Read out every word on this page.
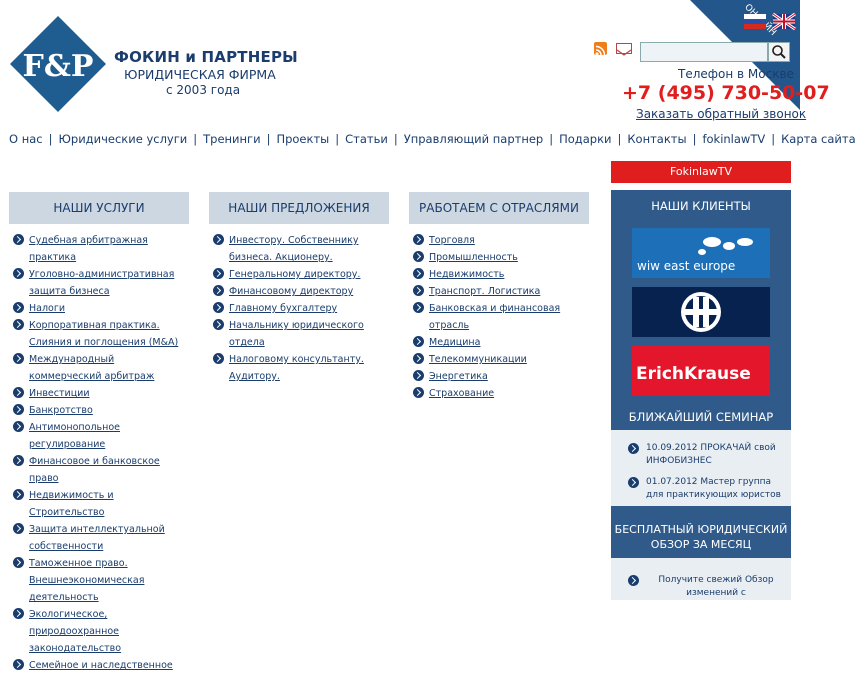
F&P ФОКИН и ПАРТНЕРЫ
ЮРИДИЧЕСКАЯ ФИРМА
с 2003 года

Телефон в Москве
+7 (495) 730-50-07
Заказать обратный звонок
О нас | Юридические услуги | Тренинги | Проекты | Статьи | Управляющий партнер | Подарки | Контакты | fokinlawTV | Карта сайта
НАШИ УСЛУГИ
Судебная арбитражная практика
Уголовно-административная защита бизнеса
Налоги
Корпоративная практика. Слияния и поглощения (M&A)
Международный коммерческий арбитраж
Инвестиции
Банкротство
Антимонопольное регулирование
Финансовое и банковское право
Недвижимость и Строительство
Защита интеллектуальной собственности
Таможенное право. Внешнеэкономическая деятельность
Экологическое, природоохранное законодательство
Семейное и наследственное
НАШИ ПРЕДЛОЖЕНИЯ
Инвестору. Собственнику бизнеса. Акционеру.
Генеральному директору.
Финансовому директору
Главному бухгалтеру
Начальнику юридического отдела
Налоговому консультанту. Аудитору.
РАБОТАЕМ С ОТРАСЛЯМИ
Торговля
Промышленность
Недвижимость
Транспорт. Логистика
Банковская и финансовая отрасль
Медицина
Телекоммуникации
Энергетика
Страхование
FokinlawTV
НАШИ КЛИЕНТЫ
wiw east europe
ErichKrause
БЛИЖАЙШИЙ СЕМИНАР
10.09.2012 ПРОКАЧАЙ свой ИНФОБИЗНЕС
01.07.2012 Мастер группа для практикующих юристов
БЕСПЛАТНЫЙ ЮРИДИЧЕСКИЙ ОБЗОР ЗА МЕСЯЦ
Получите свежий Обзор изменений с
